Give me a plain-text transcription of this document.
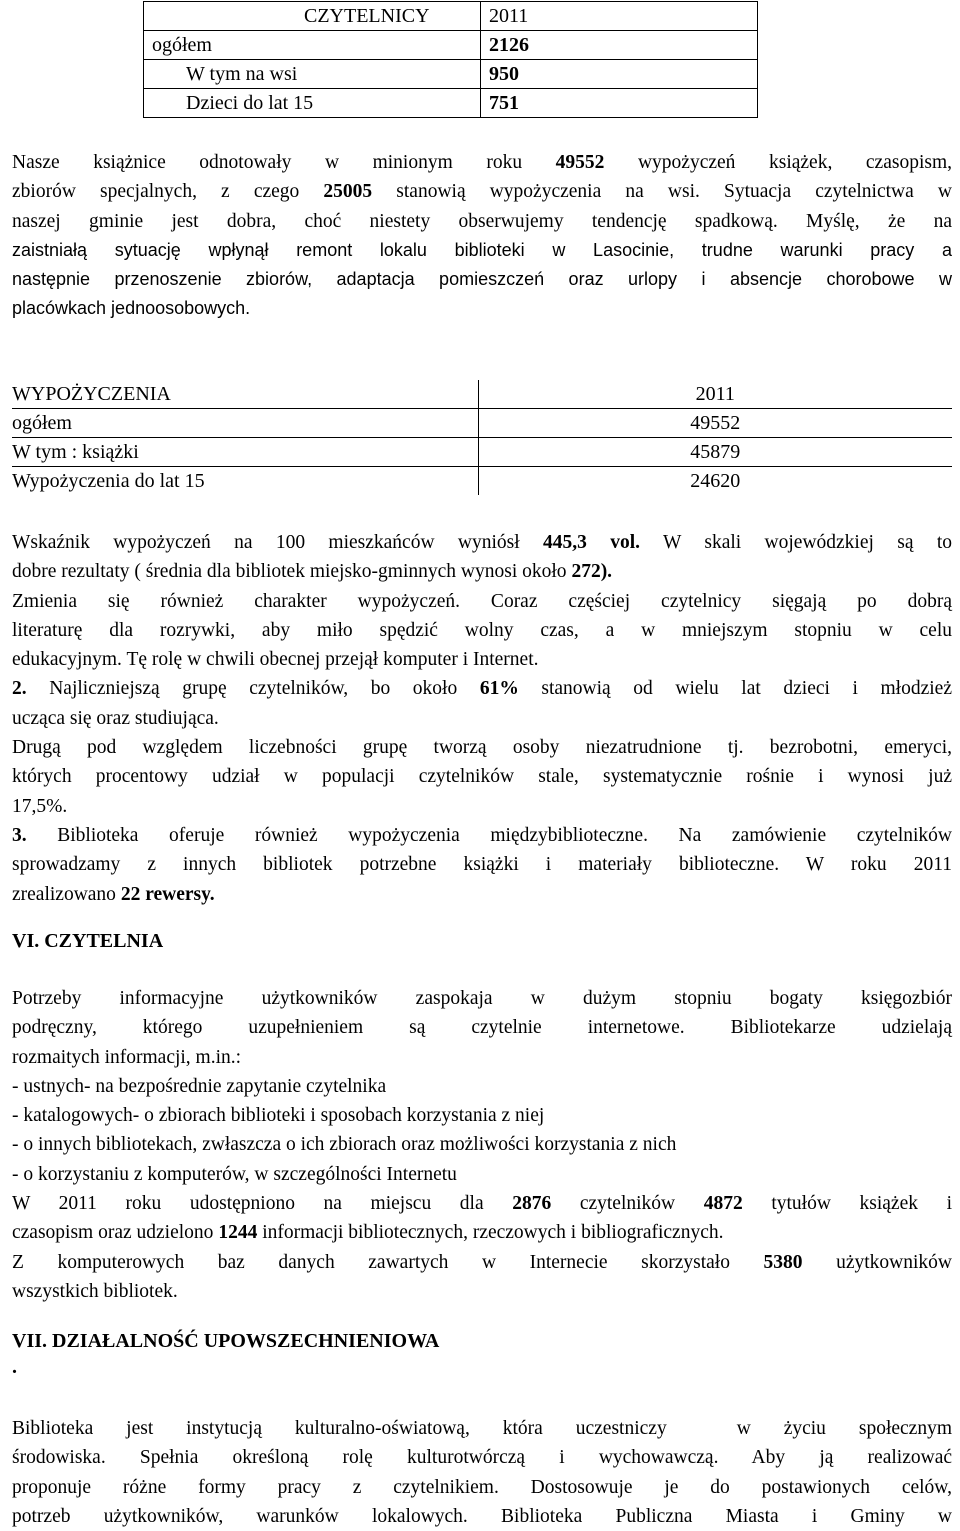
CZYTELNICY	2011
ogółem	2126
W tym na wsi	950
Dzieci do lat 15	751
Nasze książnice odnotowały w minionym roku 49552 wypożyczeń książek, czasopism,
zbiorów specjalnych, z czego 25005 stanowią wypożyczenia na wsi. Sytuacja czytelnictwa w
naszej gminie jest dobra, choć niestety obserwujemy tendencję spadkową. Myślę, że na
zaistniałą sytuację wpłynął remont lokalu biblioteki w Lasocinie, trudne warunki pracy a
następnie przenoszenie zbiorów, adaptacja pomieszczeń oraz urlopy i absencje chorobowe w
placówkach jednoosobowych.
WYPOŻYCZENIA	2011
ogółem	49552
W tym : książki	45879
Wypożyczenia do lat 15	24620
Wskaźnik wypożyczeń na 100 mieszkańców wyniósł 445,3 vol. W skali wojewódzkiej są to
dobre rezultaty ( średnia dla bibliotek miejsko-gminnych wynosi około 272).
Zmienia się również charakter wypożyczeń. Coraz częściej czytelnicy sięgają po dobrą
literaturę dla rozrywki, aby miło spędzić wolny czas, a w mniejszym stopniu w celu
edukacyjnym. Tę rolę w chwili obecnej przejął komputer i Internet.
2. Najliczniejszą grupę czytelników, bo około 61% stanowią od wielu lat dzieci i młodzież
ucząca się oraz studiująca.
Drugą pod względem liczebności grupę tworzą osoby niezatrudnione tj. bezrobotni, emeryci,
których procentowy udział w populacji czytelników stale, systematycznie rośnie i wynosi już
17,5%.
3. Biblioteka oferuje również wypożyczenia międzybiblioteczne. Na zamówienie czytelników
sprowadzamy z innych bibliotek potrzebne książki i materiały biblioteczne. W roku 2011
zrealizowano 22 rewersy.
VI. CZYTELNIA
Potrzeby informacyjne użytkowników zaspokaja w dużym stopniu bogaty księgozbiór
podręczny, którego uzupełnieniem są czytelnie internetowe. Bibliotekarze udzielają
rozmaitych informacji, m.in.:
- ustnych- na bezpośrednie zapytanie czytelnika
- katalogowych- o zbiorach biblioteki i sposobach korzystania z niej
- o innych bibliotekach, zwłaszcza o ich zbiorach oraz możliwości korzystania z nich
- o korzystaniu z komputerów, w szczególności Internetu
W 2011 roku udostępniono na miejscu dla 2876 czytelników 4872 tytułów książek i
czasopism oraz udzielono 1244 informacji bibliotecznych, rzeczowych i bibliograficznych.
Z komputerowych baz danych zawartych w Internecie skorzystało 5380 użytkowników
wszystkich bibliotek.
VII. DZIAŁALNOŚĆ UPOWSZECHNIENIOWA
.
Biblioteka jest instytucją kulturalno-oświatową, która uczestniczy	w życiu społecznym
środowiska. Spełnia określoną rolę kulturotwórczą i wychowawczą. Aby ją realizować
proponuje różne formy pracy z czytelnikiem. Dostosowuje je do postawionych celów,
potrzeb użytkowników, warunków lokalowych. Biblioteka Publiczna Miasta i Gminy w
